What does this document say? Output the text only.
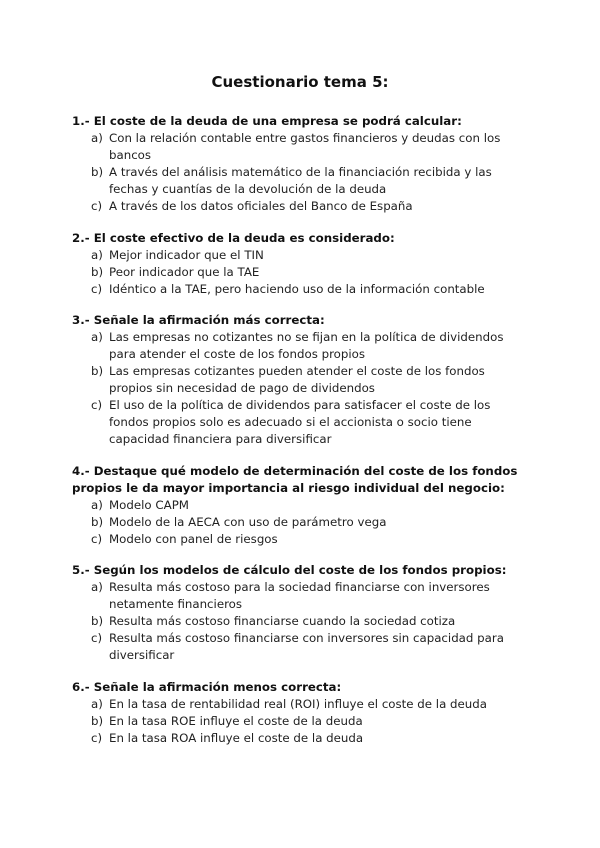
Cuestionario tema 5:

1.- El coste de la deuda de una empresa se podrá calcular:

a) Con la relación contable entre gastos financieros y deudas con los bancos
b) A través del análisis matemático de la financiación recibida y las fechas y cuantías de la devolución de la deuda
c) A través de los datos oficiales del Banco de España

2.- El coste efectivo de la deuda es considerado:

a) Mejor indicador que el TIN
b) Peor indicador que la TAE
c) Idéntico a la TAE, pero haciendo uso de la información contable

3.- Señale la afirmación más correcta:

a) Las empresas no cotizantes no se fijan en la política de dividendos para atender el coste de los fondos propios
b) Las empresas cotizantes pueden atender el coste de los fondos propios sin necesidad de pago de dividendos
c) El uso de la política de dividendos para satisfacer el coste de los fondos propios solo es adecuado si el accionista o socio tiene capacidad financiera para diversificar

4.- Destaque qué modelo de determinación del coste de los fondos propios le da mayor importancia al riesgo individual del negocio:

a) Modelo CAPM
b) Modelo de la AECA con uso de parámetro vega
c) Modelo con panel de riesgos

5.- Según los modelos de cálculo del coste de los fondos propios:

a) Resulta más costoso para la sociedad financiarse con inversores netamente financieros
b) Resulta más costoso financiarse cuando la sociedad cotiza
c) Resulta más costoso financiarse con inversores sin capacidad para diversificar

6.- Señale la afirmación menos correcta:

a) En la tasa de rentabilidad real (ROI) influye el coste de la deuda
b) En la tasa ROE influye el coste de la deuda
c) En la tasa ROA influye el coste de la deuda
